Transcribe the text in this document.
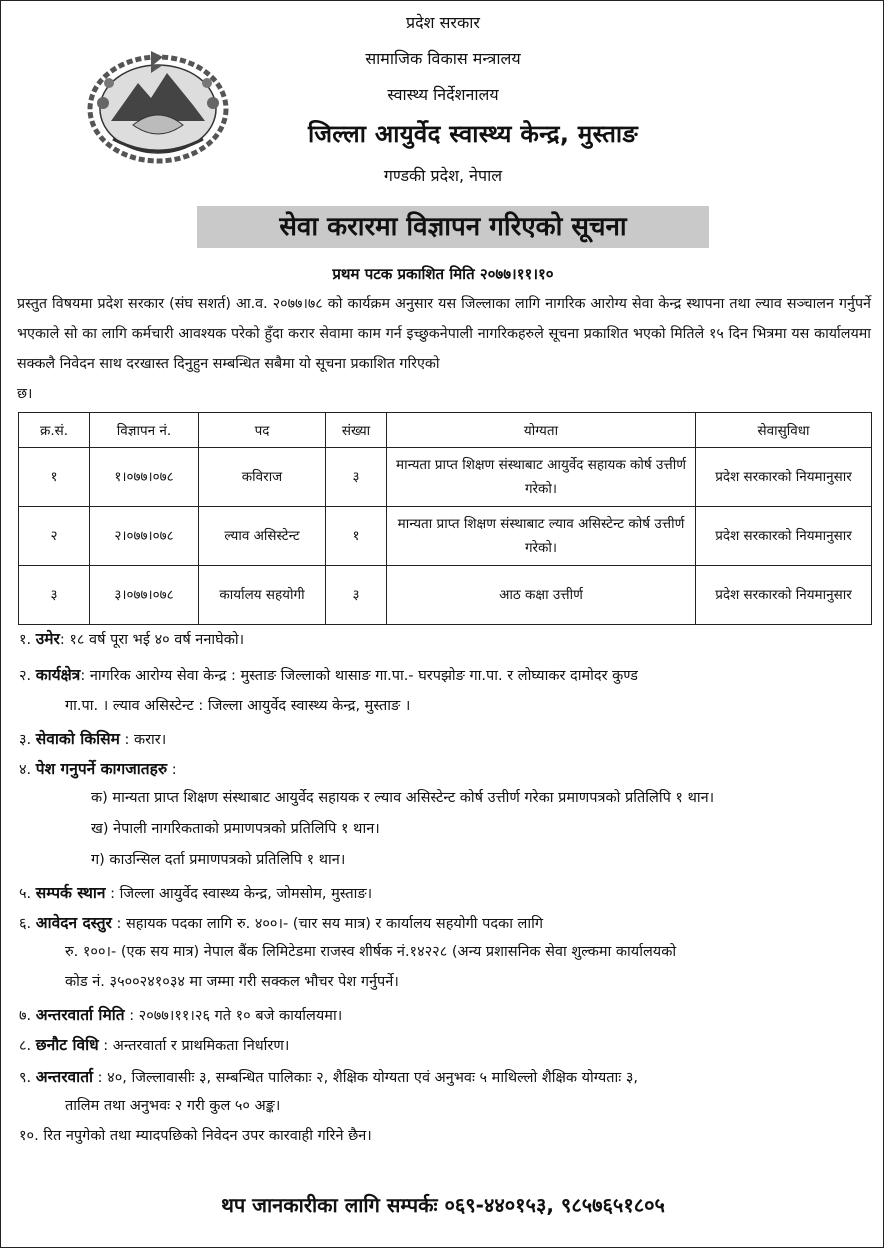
प्रदेश सरकार
सामाजिक विकास मन्त्रालय
स्वास्थ्य निर्देशनालय
जिल्ला आयुर्वेद स्वास्थ्य केन्द्र, मुस्ताङ
गण्डकी प्रदेश, नेपाल
सेवा करारमा विज्ञापन गरिएको सूचना
प्रथम पटक प्रकाशित मिति २०७७।११।१०
प्रस्तुत विषयमा प्रदेश सरकार (संघ सशर्त) आ.व. २०७७।७८ को कार्यक्रम अनुसार यस जिल्लाका लागि नागरिक आरोग्य सेवा केन्द्र स्थापना तथा ल्याव सञ्चालन गर्नुपर्ने भएकाले सो का लागि कर्मचारी आवश्यक परेको हुँदा करार सेवामा काम गर्न इच्छुकनेपाली नागरिकहरुले सूचना प्रकाशित भएको मितिले १५ दिन भित्रमा यस कार्यालयमा सक्कलै निवेदन साथ दरखास्त दिनुहुन सम्बन्धित सबैमा यो सूचना प्रकाशित गरिएको
छ।
क्र.सं.	विज्ञापन नं.	पद	संख्या	योग्यता	सेवासुविधा
१	१।०७७।०७८	कविराज	३	मान्यता प्राप्त शिक्षण संस्थाबाट आयुर्वेद सहायक कोर्ष उत्तीर्ण गरेको।	प्रदेश सरकारको नियमानुसार
२	२।०७७।०७८	ल्याव असिस्टेन्ट	१	मान्यता प्राप्त शिक्षण संस्थाबाट ल्याव असिस्टेन्ट कोर्ष उत्तीर्ण गरेको।	प्रदेश सरकारको नियमानुसार
३	३।०७७।०७८	कार्यालय सहयोगी	३	आठ कक्षा उत्तीर्ण	प्रदेश सरकारको नियमानुसार
१. उमेर: १८ वर्ष पूरा भई ४० वर्ष ननाघेको।
२. कार्यक्षेत्र: नागरिक आरोग्य सेवा केन्द्र : मुस्ताङ जिल्लाको थासाङ गा.पा.- घरपझोङ गा.पा. र लोघ्याकर दामोदर कुण्ड
गा.पा. । ल्याव असिस्टेन्ट : जिल्ला आयुर्वेद स्वास्थ्य केन्द्र, मुस्ताङ ।
३. सेवाको किसिम : करार।
४. पेश गनुपर्ने कागजातहरु :
क) मान्यता प्राप्त शिक्षण संस्थाबाट आयुर्वेद सहायक र ल्याव असिस्टेन्ट कोर्ष उत्तीर्ण गरेका प्रमाणपत्रको प्रतिलिपि १ थान।
ख) नेपाली नागरिकताको प्रमाणपत्रको प्रतिलिपि १ थान।
ग) काउन्सिल दर्ता प्रमाणपत्रको प्रतिलिपि १ थान।
५. सम्पर्क स्थान : जिल्ला आयुर्वेद स्वास्थ्य केन्द्र, जोमसोम, मुस्ताङ।
६. आवेदन दस्तुर : सहायक पदका लागि रु. ४००।- (चार सय मात्र) र कार्यालय सहयोगी पदका लागि
रु. १००।- (एक सय मात्र) नेपाल बैंक लिमिटेडमा राजस्व शीर्षक नं.१४२२८ (अन्य प्रशासनिक सेवा शुल्कमा कार्यालयको
कोड नं. ३५००२४१०३४ मा जम्मा गरी सक्कल भौचर पेश गर्नुपर्ने।
७. अन्तरवार्ता मिति : २०७७।११।२६ गते १० बजे कार्यालयमा।
८. छनौट विधि : अन्तरवार्ता र प्राथमिकता निर्धारण।
९. अन्तरवार्ता : ४०, जिल्लावासीः ३, सम्बन्धित पालिकाः २, शैक्षिक योग्यता एवं अनुभवः ५ माथिल्लो शैक्षिक योग्यताः ३,
तालिम तथा अनुभवः २ गरी कुल ५० अङ्क।
१०. रित नपुगेको तथा म्यादपछिको निवेदन उपर कारवाही गरिने छैन।
थप जानकारीका लागि सम्पर्कः ०६९-४४०१५३, ९८५७६५१८०५
